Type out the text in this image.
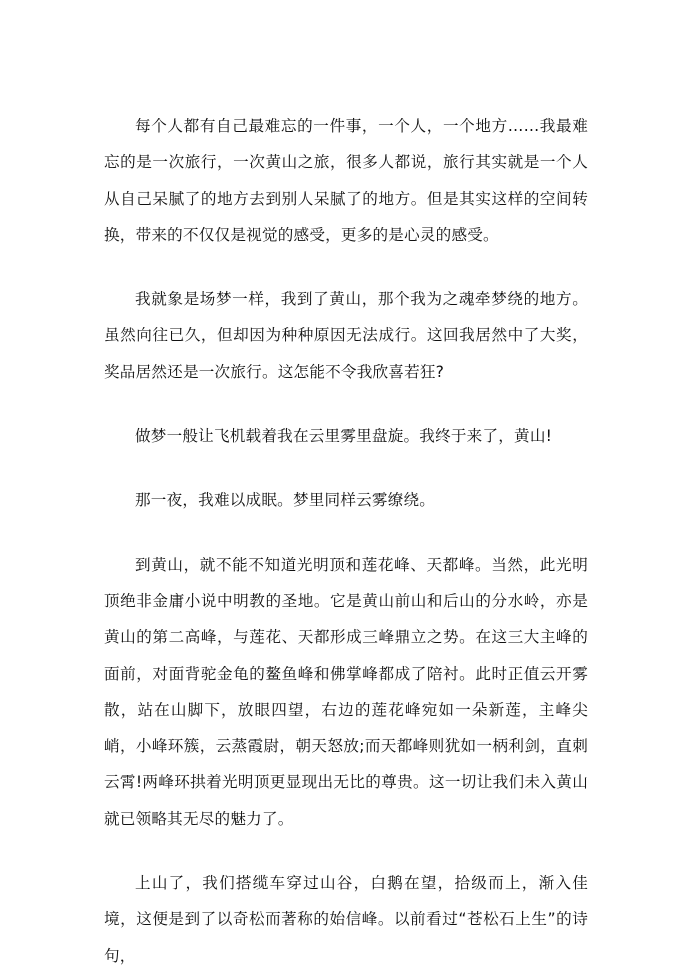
每个人都有自己最难忘的一件事，一个人，一个地方……我最难忘的是一次旅行，一次黄山之旅，很多人都说，旅行其实就是一个人从自己呆腻了的地方去到别人呆腻了的地方。但是其实这样的空间转换，带来的不仅仅是视觉的感受，更多的是心灵的感受。

我就象是场梦一样，我到了黄山，那个我为之魂牵梦绕的地方。虽然向往已久，但却因为种种原因无法成行。这回我居然中了大奖，奖品居然还是一次旅行。这怎能不令我欣喜若狂?

做梦一般让飞机载着我在云里雾里盘旋。我终于来了，黄山!

那一夜，我难以成眠。梦里同样云雾缭绕。

到黄山，就不能不知道光明顶和莲花峰、天都峰。当然，此光明顶绝非金庸小说中明教的圣地。它是黄山前山和后山的分水岭，亦是黄山的第二高峰，与莲花、天都形成三峰鼎立之势。在这三大主峰的面前，对面背驼金龟的鳌鱼峰和佛掌峰都成了陪衬。此时正值云开雾散，站在山脚下，放眼四望，右边的莲花峰宛如一朵新莲，主峰尖峭，小峰环簇，云蒸霞尉，朝天怒放;而天都峰则犹如一柄利剑，直刺云霄!两峰环拱着光明顶更显现出无比的尊贵。这一切让我们未入黄山就已领略其无尽的魅力了。

上山了，我们搭缆车穿过山谷，白鹅在望，拾级而上，渐入佳境，这便是到了以奇松而著称的始信峰。以前看过“苍松石上生”的诗句，
